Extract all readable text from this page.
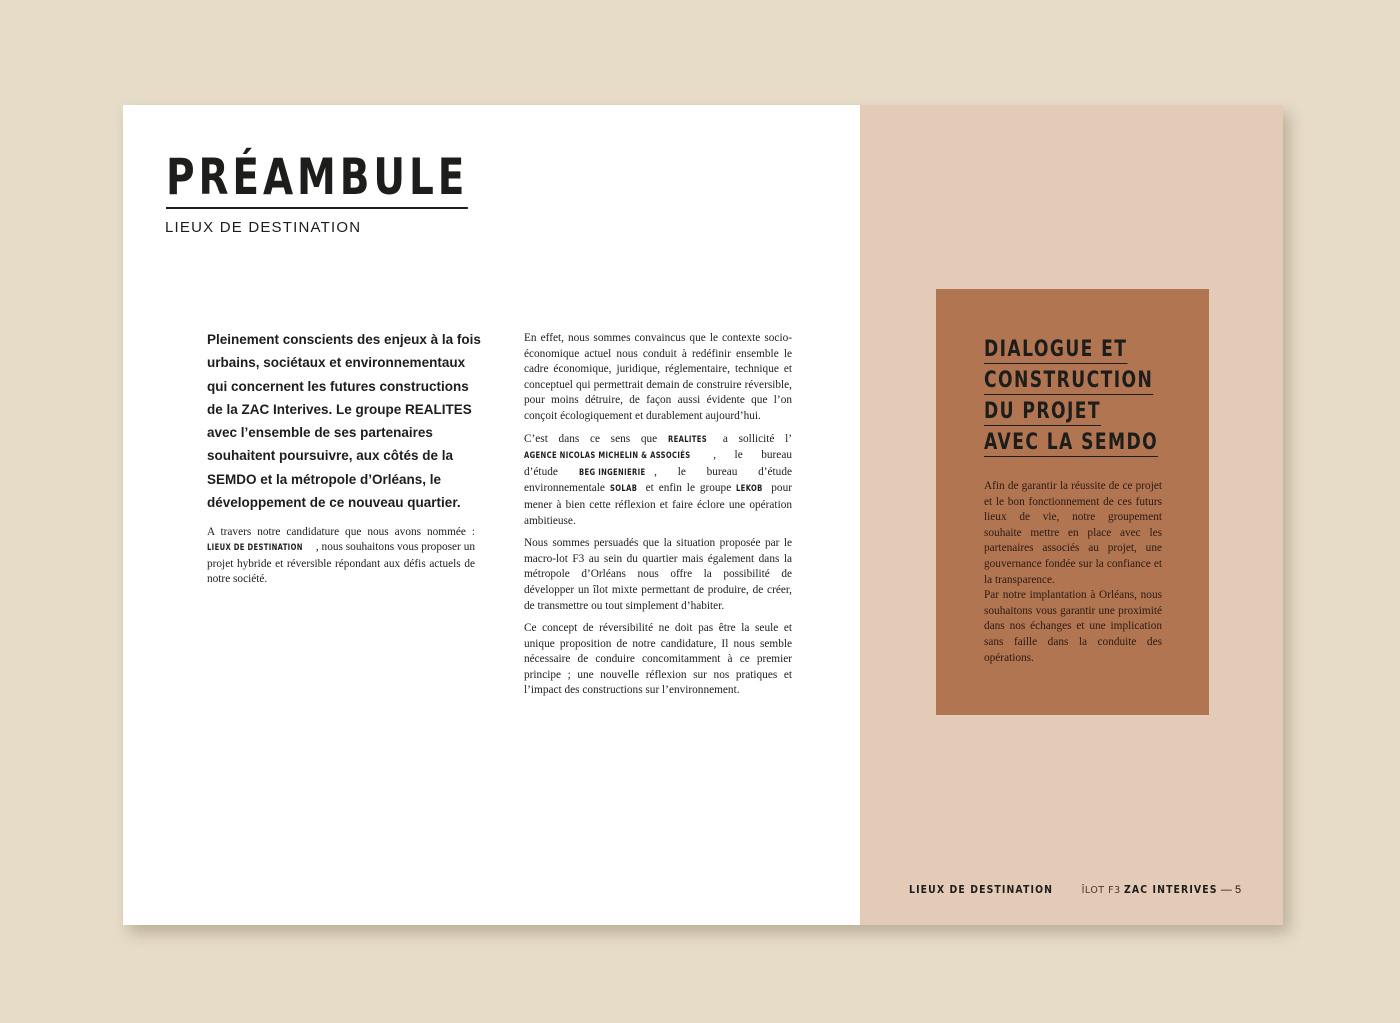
PRÉAMBULE
LIEUX DE DESTINATION
Pleinement conscients des enjeux à la fois urbains, sociétaux et environnementaux qui concernent les futures constructions de la ZAC Interives. Le groupe REALITES avec l’ensemble de ses partenaires souhaitent poursuivre, aux côtés de la SEMDO et la métropole d’Orléans, le développement de ce nouveau quartier.
A travers notre candidature que nous avons nommée : LIEUX DE DESTINATION , nous souhaitons vous proposer un projet hybride et réversible répondant aux défis actuels de notre société.

En effet, nous sommes convaincus que le contexte socio-économique actuel nous conduit à redéfinir ensemble le cadre économique, juridique, réglementaire, technique et conceptuel qui permettrait demain de construire réversible, pour moins détruire, de façon aussi évidente que l’on conçoit écologiquement et durablement aujourd’hui.

C’est dans ce sens que REALITES a sollicité l’AGENCE NICOLAS MICHELIN & ASSOCIÉS , le bureau d’étude BEG INGENIERIE , le bureau d’étude environnementale SOLAB et enfin le groupe LEKOB pour mener à bien cette réflexion et faire éclore une opération ambitieuse.

Nous sommes persuadés que la situation proposée par le macro-lot F3 au sein du quartier mais également dans la métropole d’Orléans nous offre la possibilité de développer un îlot mixte permettant de produire, de créer, de transmettre ou tout simplement d’habiter.

Ce concept de réversibilité ne doit pas être la seule et unique proposition de notre candidature, Il nous semble nécessaire de conduire concomitamment à ce premier principe ; une nouvelle réflexion sur nos pratiques et l’impact des constructions sur l’environnement.

DIALOGUE ET
CONSTRUCTION
DU PROJET
AVEC LA SEMDO
Afin de garantir la réussite de ce projet et le bon fonctionnement de ces futurs lieux de vie, notre groupement souhaite mettre en place avec les partenaires associés au projet, une gouvernance fondée sur la confiance et la transparence.
Par notre implantation à Orléans, nous souhaitons vous garantir une proximité dans nos échanges et une implication sans faille dans la conduite des opérations.
LIEUX DE DESTINATION	ÎLOT F3 ZAC INTERIVES — 5
